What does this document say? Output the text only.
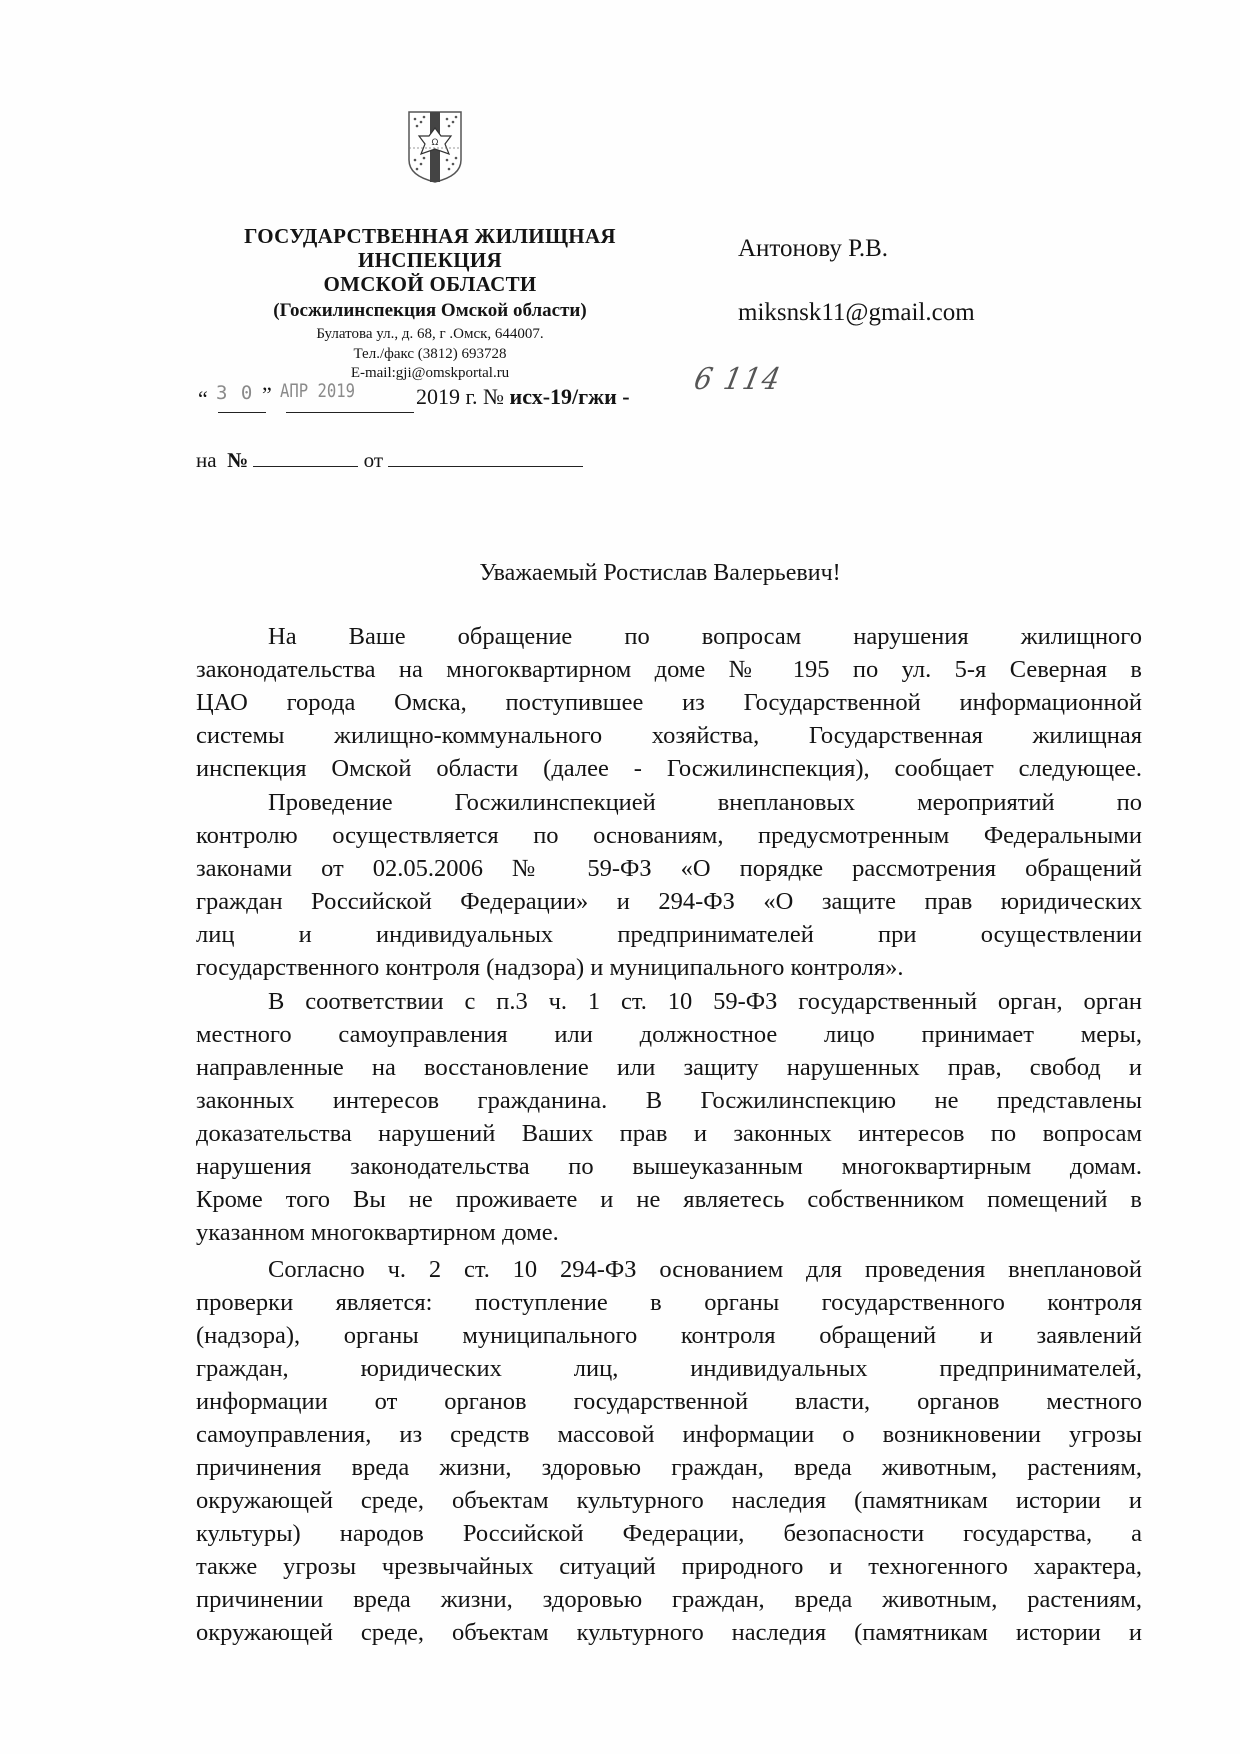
Ω
ГОСУДАРСТВЕННАЯ ЖИЛИЩНАЯ
ИНСПЕКЦИЯ
ОМСКОЙ ОБЛАСТИ
(Госжилинспекция Омской области)
Булатова ул., д. 68, г .Омск, 644007.
Тел./факс (3812) 693728
E-mail:gji@omskportal.ru
Антонову Р.В.
miksnsk11@gmail.com
“ 3 0 ” АПР 2019	2019 г. № исх-19/гжи - 6 114
на №	от
Уважаемый Ростислав Валерьевич!
На Ваше обращение по вопросам нарушения жилищного
законодательства на многоквартирном доме № 195 по ул. 5-я Северная в
ЦАО города Омска, поступившее из Государственной информационной
системы жилищно-коммунального хозяйства, Государственная жилищная
инспекция Омской области (далее - Госжилинспекция), сообщает следующее.
Проведение Госжилинспекцией внеплановых мероприятий по
контролю осуществляется по основаниям, предусмотренным Федеральными
законами от 02.05.2006 № 59-ФЗ «О порядке рассмотрения обращений
граждан Российской Федерации» и 294-ФЗ «О защите прав юридических
лиц и индивидуальных предпринимателей при осуществлении
государственного контроля (надзора) и муниципального контроля».
В соответствии с п.3 ч. 1 ст. 10 59-ФЗ государственный орган, орган
местного самоуправления или должностное лицо принимает меры,
направленные на восстановление или защиту нарушенных прав, свобод и
законных интересов гражданина. В Госжилинспекцию не представлены
доказательства нарушений Ваших прав и законных интересов по вопросам
нарушения законодательства по вышеуказанным многоквартирным домам.
Кроме того Вы не проживаете и не являетесь собственником помещений в
указанном многоквартирном доме.
Согласно ч. 2 ст. 10 294-ФЗ основанием для проведения внеплановой
проверки является: поступление в органы государственного контроля
(надзора), органы муниципального контроля обращений и заявлений
граждан, юридических лиц, индивидуальных предпринимателей,
информации от органов государственной власти, органов местного
самоуправления, из средств массовой информации о возникновении угрозы
причинения вреда жизни, здоровью граждан, вреда животным, растениям,
окружающей среде, объектам культурного наследия (памятникам истории и
культуры) народов Российской Федерации, безопасности государства, а
также угрозы чрезвычайных ситуаций природного и техногенного характера,
причинении вреда жизни, здоровью граждан, вреда животным, растениям,
окружающей среде, объектам культурного наследия (памятникам истории и
